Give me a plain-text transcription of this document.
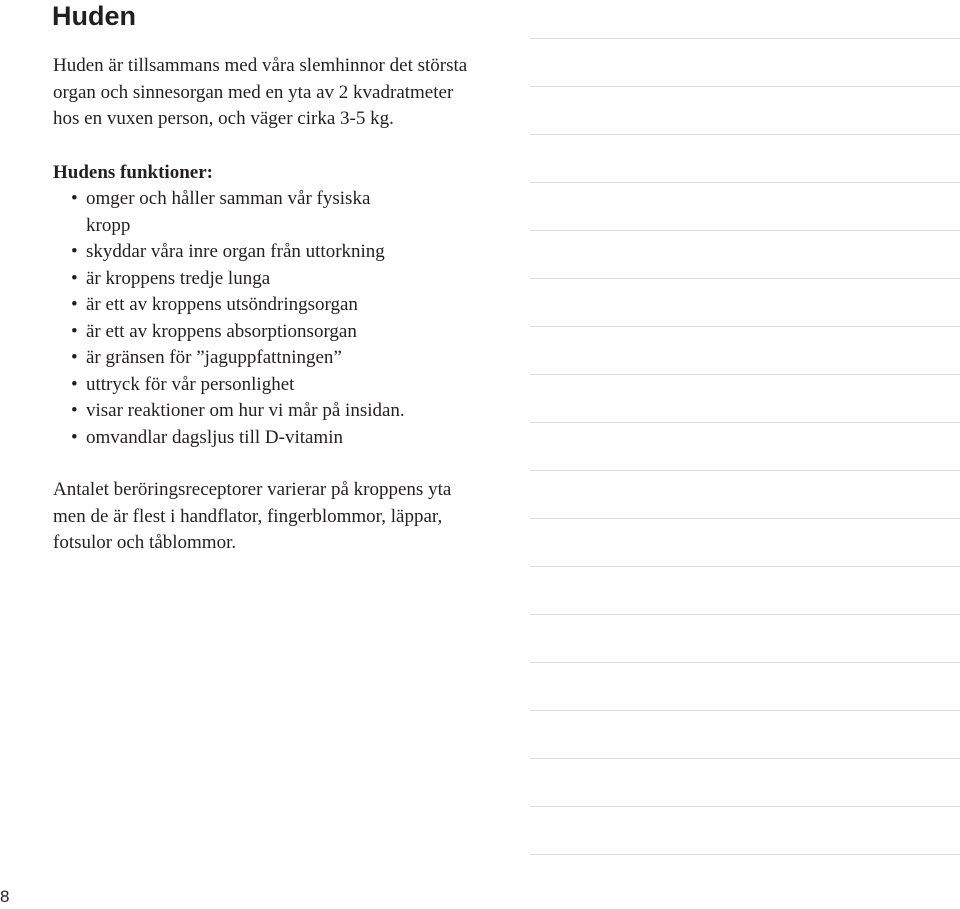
Huden

Huden är tillsammans med våra slemhinnor det största organ och sinnesorgan med en yta av 2 kvadratmeter hos en vuxen person, och väger cirka 3-5 kg.

Hudens funktioner:

• omger och håller samman vår fysiska kropp
• skyddar våra inre organ från uttorkning
• är kroppens tredje lunga
• är ett av kroppens utsöndringsorgan
• är ett av kroppens absorptionsorgan
• är gränsen för ”jaguppfattningen”
• uttryck för vår personlighet
• visar reaktioner om hur vi mår på insidan.
• omvandlar dagsljus till D-vitamin

Antalet beröringsreceptorer varierar på kroppens yta men de är flest i handflator, fingerblommor, läppar, fotsulor och tåblommor.

8
